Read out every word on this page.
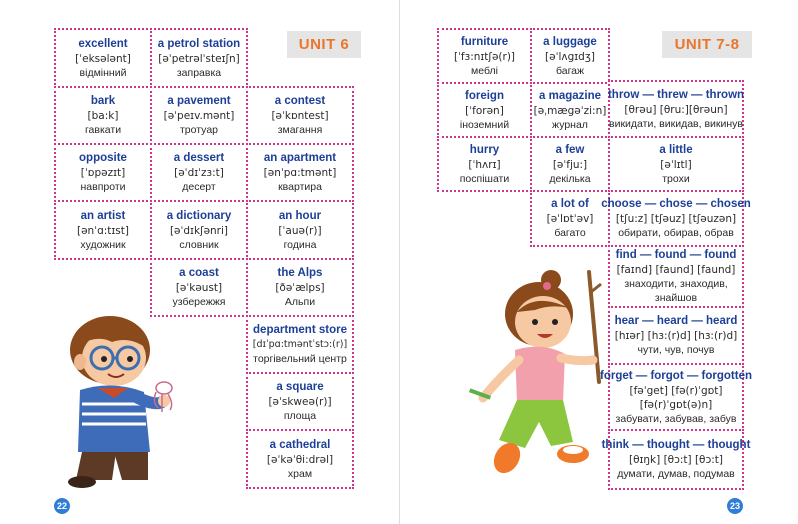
UNIT 6
excellent
[ˈeksələnt]
відмінний
a petrol station
[əˈpetrəlˈsteɪʃn]
заправка
bark
[ba:k]
гавкати
a pavement
[əˈpeɪv.mənt]
тротуар
a contest
[əˈkɒntest]
змагання
opposite
[ˈɒpəzɪt]
навпроти
a dessert
[əˈdɪˈzɜ:t]
десерт
an apartment
[ənˈpɑ:tmənt]
квартира
an artist
[ənˈɑ:tɪst]
художник
a dictionary
[əˈdɪkʃənri]
словник
an hour
[ˈauə(r)]
година
a coast
[əˈkəust]
узбережжя
the Alps
[ðəˈælps]
Альпи
department store
[dɪˈpɑ:tməntˈstɔ:(r)]
торгівельний центр
a square
[əˈskweə(r)]
площа
a cathedral
[əˈkəˈθi:drəl]
храм
22
UNIT 7-8
furniture
[ˈfɜ:nɪtʃə(r)]
меблі
a luggage
[əˈlʌgɪdʒ]
багаж
foreign
[ˈforən]
іноземний
a magazine
[əˌmægəˈzi:n]
журнал
hurry
[ˈhʌrɪ]
поспішати
a few
[əˈfju:]
декілька
a lot of
[əˈlɒtˈəv]
багато
throw — threw — thrown
[θrəu] [θru:][θrəun]
викидати, викидав, викинув
a little
[əˈlɪtl]
трохи
choose — chose — chosen
[tʃu:z] [tʃəuz] [tʃəuzən]
обирати, обирав, обрав
find — found — found
[faɪnd] [faund] [faund]
знаходити, знаходив, знайшов
hear — heard — heard
[hɪər] [hɜ:(r)d] [hɜ:(r)d]
чути, чув, почув
forget — forgot — forgotten
[fəˈget] [fə(r)ˈgɒt]
[fə(r)ˈgɒt(ə)n]
забувати, забував, забув
think — thought — thought
[θɪŋk] [θɔ:t] [θɔ:t]
думати, думав, подумав
23
